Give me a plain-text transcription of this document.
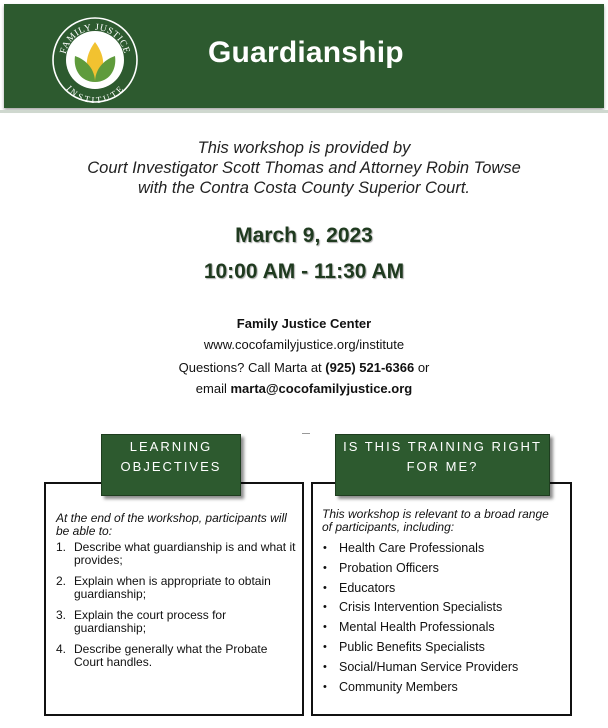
FAMILY JUSTICE
INSTITUTE
Guardianship
This workshop is provided by
Court Investigator Scott Thomas and Attorney Robin Towse
with the Contra Costa County Superior Court.
March 9, 2023
10:00 AM - 11:30 AM
Family Justice Center
www.cocofamilyjustice.org/institute
Questions? Call Marta at (925) 521-6366 or
email marta@cocofamilyjustice.org
LEARNING
OBJECTIVES
IS THIS TRAINING RIGHT
FOR ME?
At the end of the workshop, participants will be able to:
1. Describe what guardianship is and what it provides;
2. Explain when is appropriate to obtain guardianship;
3. Explain the court process for guardianship;
4. Describe generally what the Probate Court handles.
This workshop is relevant to a broad range of participants, including:
• Health Care Professionals
• Probation Officers
• Educators
• Crisis Intervention Specialists
• Mental Health Professionals
• Public Benefits Specialists
• Social/Human Service Providers
• Community Members
